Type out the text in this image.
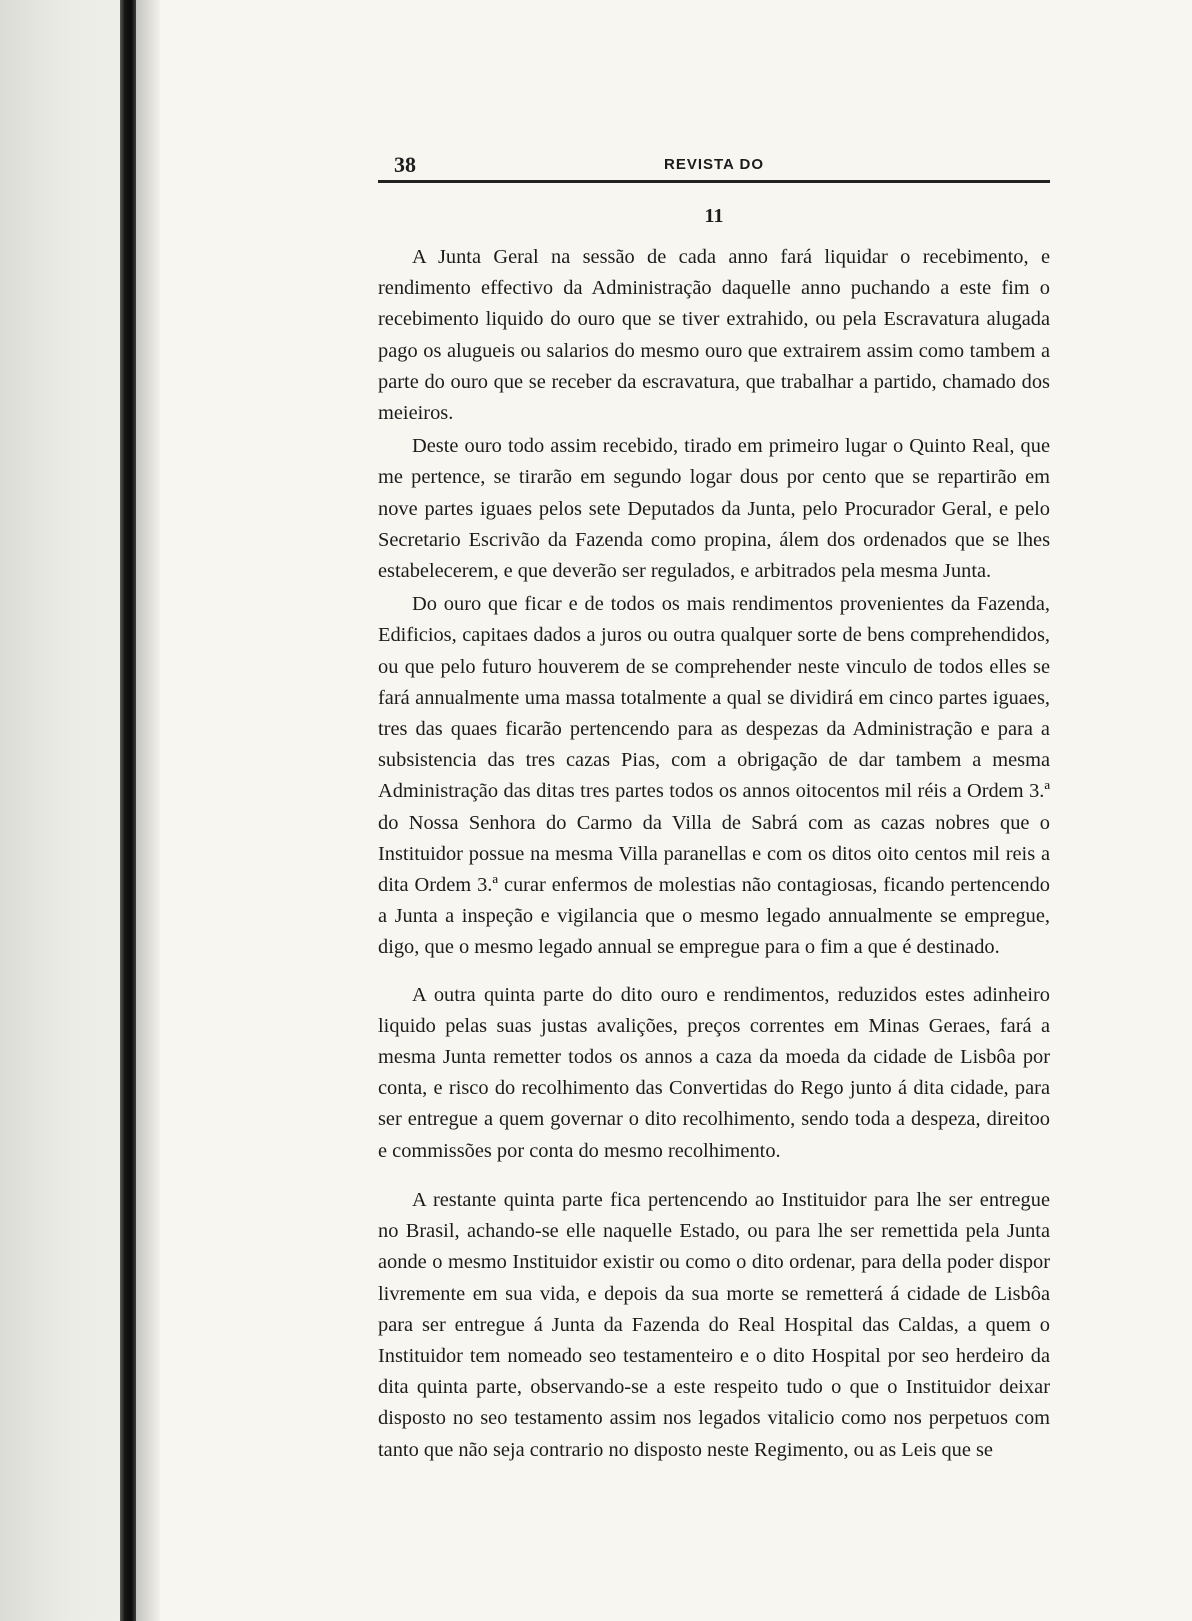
38	REVISTA DO
11

A Junta Geral na sessão de cada anno fará liquidar o recebimento, e rendimento effectivo da Administração daquelle anno puchando a este fim o recebimento liquido do ouro que se tiver extrahido, ou pela Escravatura alugada pago os alugueis ou salarios do mesmo ouro que extrairem assim como tambem a parte do ouro que se receber da escravatura, que trabalhar a partido, chamado dos meieiros.

Deste ouro todo assim recebido, tirado em primeiro lugar o Quinto Real, que me pertence, se tirarão em segundo logar dous por cento que se repartirão em nove partes iguaes pelos sete Deputados da Junta, pelo Procurador Geral, e pelo Secretario Escrivão da Fazenda como propina, álem dos ordenados que se lhes estabelecerem, e que deverão ser regulados, e arbitrados pela mesma Junta.

Do ouro que ficar e de todos os mais rendimentos provenientes da Fazenda, Edificios, capitaes dados a juros ou outra qualquer sorte de bens comprehendidos, ou que pelo futuro houverem de se comprehender neste vinculo de todos elles se fará annualmente uma massa totalmente a qual se dividirá em cinco partes iguaes, tres das quaes ficarão pertencendo para as despezas da Administração e para a subsistencia das tres cazas Pias, com a obrigação de dar tambem a mesma Administração das ditas tres partes todos os annos oitocentos mil réis a Ordem 3.ª do Nossa Senhora do Carmo da Villa de Sabrá com as cazas nobres que o Instituidor possue na mesma Villa paranellas e com os ditos oito centos mil reis a dita Ordem 3.ª curar enfermos de molestias não contagiosas, ficando pertencendo a Junta a inspeção e vigilancia que o mesmo legado annualmente se empregue, digo, que o mesmo legado annual se empregue para o fim a que é destinado.

A outra quinta parte do dito ouro e rendimentos, reduzidos estes adinheiro liquido pelas suas justas avalições, preços correntes em Minas Geraes, fará a mesma Junta remetter todos os annos a caza da moeda da cidade de Lisbôa por conta, e risco do recolhimento das Convertidas do Rego junto á dita cidade, para ser entregue a quem governar o dito recolhimento, sendo toda a despeza, direitoo e commissões por conta do mesmo recolhimento.

A restante quinta parte fica pertencendo ao Instituidor para lhe ser entregue no Brasil, achando-se elle naquelle Estado, ou para lhe ser remettida pela Junta aonde o mesmo Instituidor existir ou como o dito ordenar, para della poder dispor livremente em sua vida, e depois da sua morte se remetterá á cidade de Lisbôa para ser entregue á Junta da Fazenda do Real Hospital das Caldas, a quem o Instituidor tem nomeado seo testamenteiro e o dito Hospital por seo herdeiro da dita quinta parte, observando-se a este respeito tudo o que o Instituidor deixar disposto no seo testamento assim nos legados vitalicio como nos perpetuos com tanto que não seja contrario no disposto neste Regimento, ou as Leis que se
